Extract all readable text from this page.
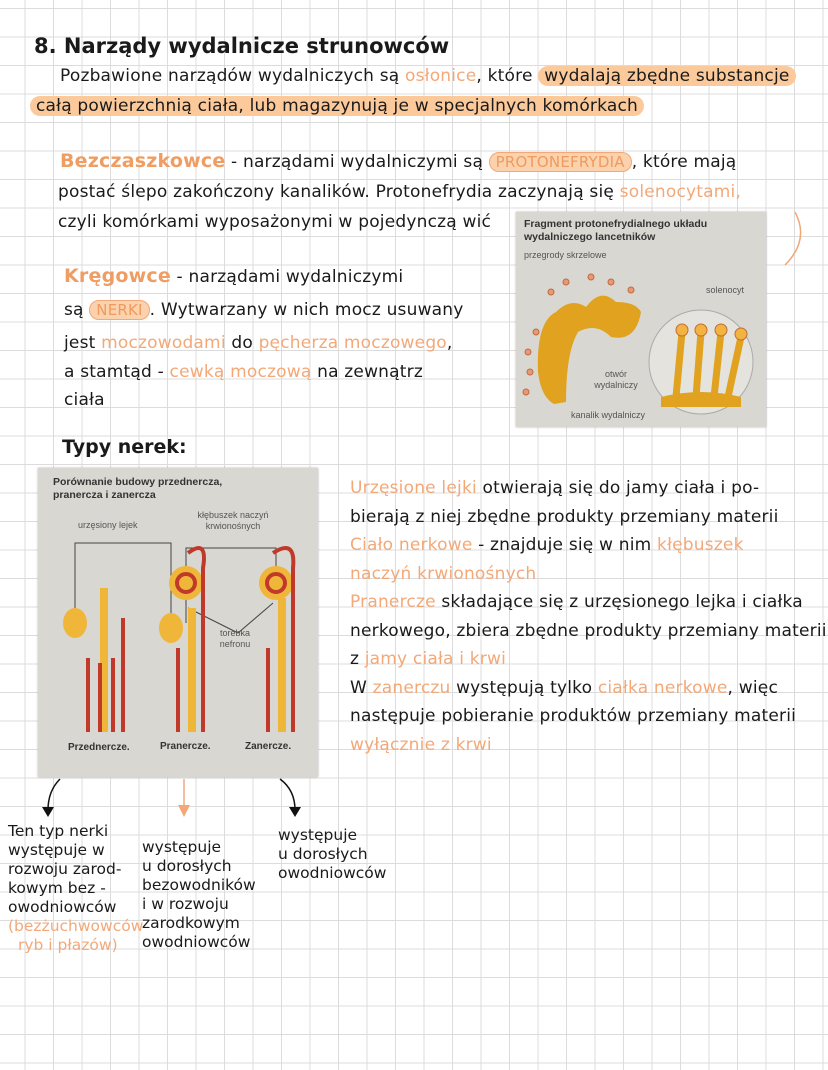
8. Narządy wydalnicze strunowców
Pozbawione narządów wydalniczych są osłonice, które wydalają zbędne substancje
całą powierzchnią ciała, lub magazynują je w specjalnych komórkach
Bezczaszkowce - narządami wydalniczymi są PROTONEFRYDIA , które mają
postać ślepo zakończony kanalików. Protonefrydia zaczynają się solenocytami,
czyli komórkami wyposażonymi w pojedynczą wić	Fragment protonefrydialnego układu wydalniczego lancetników
przegrody skrzelowe
solenocyt
otwór wydalniczy
kanalik wydalniczy
Kręgowce - narządami wydalniczymi
są NERKI . Wytwarzany w nich mocz usuwany
jest moczowodami do pęcherza moczowego,
a stamtąd - cewką moczową na zewnątrz
ciała
Typy nerek:
Porównanie budowy przednercza, pranercza i zanercza
urzęsiony lejek
kłębuszek naczyń krwionośnych
torebka nefronu
Przednercze.	Pranercze.	Zanercze.
Urzęsione lejki otwierają się do jamy ciała i po-
bierają z niej zbędne produkty przemiany materii
Ciało nerkowe - znajduje się w nim kłębuszek
naczyń krwionośnych
Pranercze składające się z urzęsionego lejka i ciałka
nerkowego, zbiera zbędne produkty przemiany materii
z jamy ciała i krwi
W zanerczu występują tylko ciałka nerkowe, więc
następuje pobieranie produktów przemiany materii
wyłącznie z krwi
Ten typ nerki
występuje w
rozwoju zarod-
kowym bez -
owodniowców
(bezżuchwowców
ryb i płazów)
występuje
u dorosłych
bezowodników
i w rozwoju
zarodkowym
owodniowców
występuje
u dorosłych
owodniowców
